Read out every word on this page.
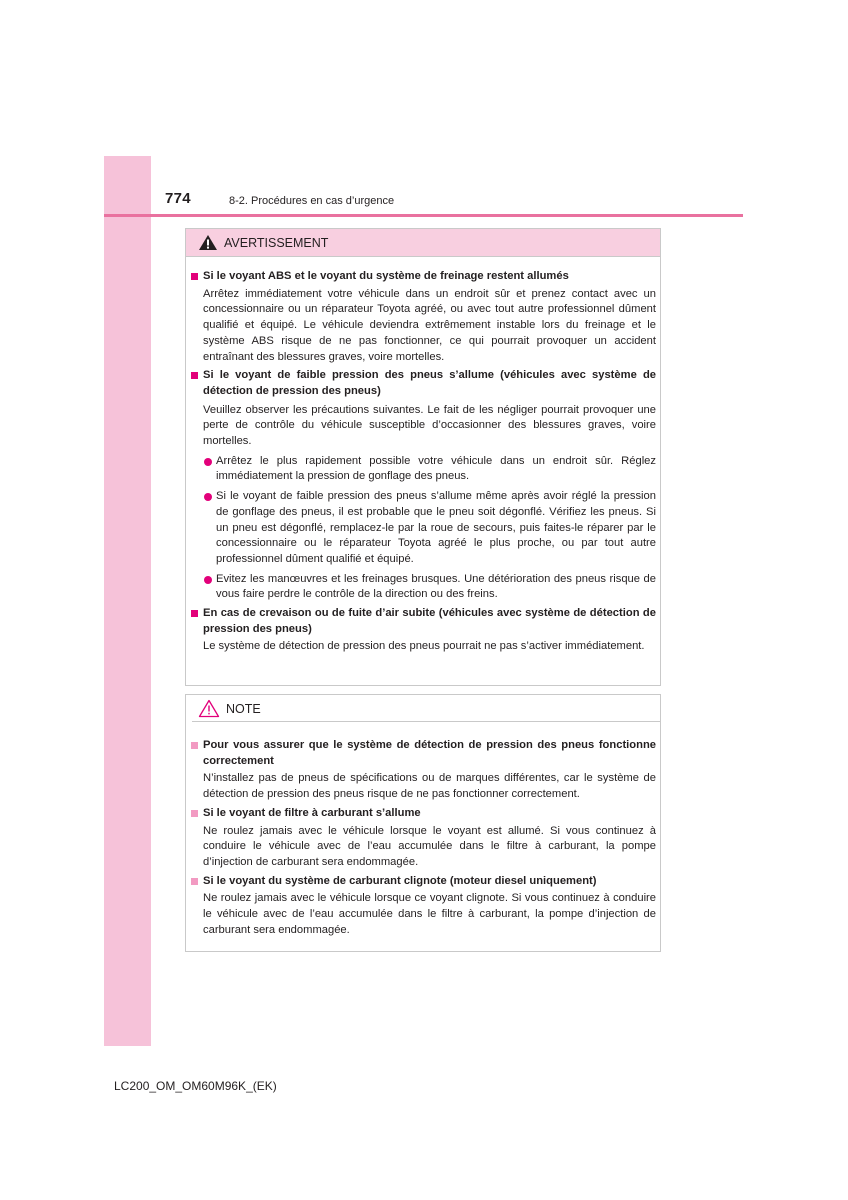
774	8-2. Procédures en cas d’urgence
AVERTISSEMENT
Si le voyant ABS et le voyant du système de freinage restent allumés
Arrêtez immédiatement votre véhicule dans un endroit sûr et prenez contact avec un concessionnaire ou un réparateur Toyota agréé, ou avec tout autre professionnel dûment qualifié et équipé. Le véhicule deviendra extrêmement instable lors du freinage et le système ABS risque de ne pas fonctionner, ce qui pourrait provoquer un accident entraînant des blessures graves, voire mortelles.
Si le voyant de faible pression des pneus s’allume (véhicules avec système de détection de pression des pneus)
Veuillez observer les précautions suivantes. Le fait de les négliger pourrait provoquer une perte de contrôle du véhicule susceptible d’occasionner des blessures graves, voire mortelles.
Arrêtez le plus rapidement possible votre véhicule dans un endroit sûr. Réglez immédiatement la pression de gonflage des pneus.
Si le voyant de faible pression des pneus s’allume même après avoir réglé la pression de gonflage des pneus, il est probable que le pneu soit dégonflé. Vérifiez les pneus. Si un pneu est dégonflé, remplacez-le par la roue de secours, puis faites-le réparer par le concessionnaire ou le réparateur Toyota agréé le plus proche, ou par tout autre professionnel dûment qualifié et équipé.
Evitez les manœuvres et les freinages brusques. Une détérioration des pneus risque de vous faire perdre le contrôle de la direction ou des freins.
En cas de crevaison ou de fuite d’air subite (véhicules avec système de détection de pression des pneus)
Le système de détection de pression des pneus pourrait ne pas s’activer immédiatement.
NOTE
Pour vous assurer que le système de détection de pression des pneus fonctionne correctement
N’installez pas de pneus de spécifications ou de marques différentes, car le système de détection de pression des pneus risque de ne pas fonctionner correctement.
Si le voyant de filtre à carburant s’allume
Ne roulez jamais avec le véhicule lorsque le voyant est allumé. Si vous continuez à conduire le véhicule avec de l’eau accumulée dans le filtre à carburant, la pompe d’injection de carburant sera endommagée.
Si le voyant du système de carburant clignote (moteur diesel uniquement)
Ne roulez jamais avec le véhicule lorsque ce voyant clignote. Si vous continuez à conduire le véhicule avec de l’eau accumulée dans le filtre à carburant, la pompe d’injection de carburant sera endommagée.
LC200_OM_OM60M96K_(EK)
